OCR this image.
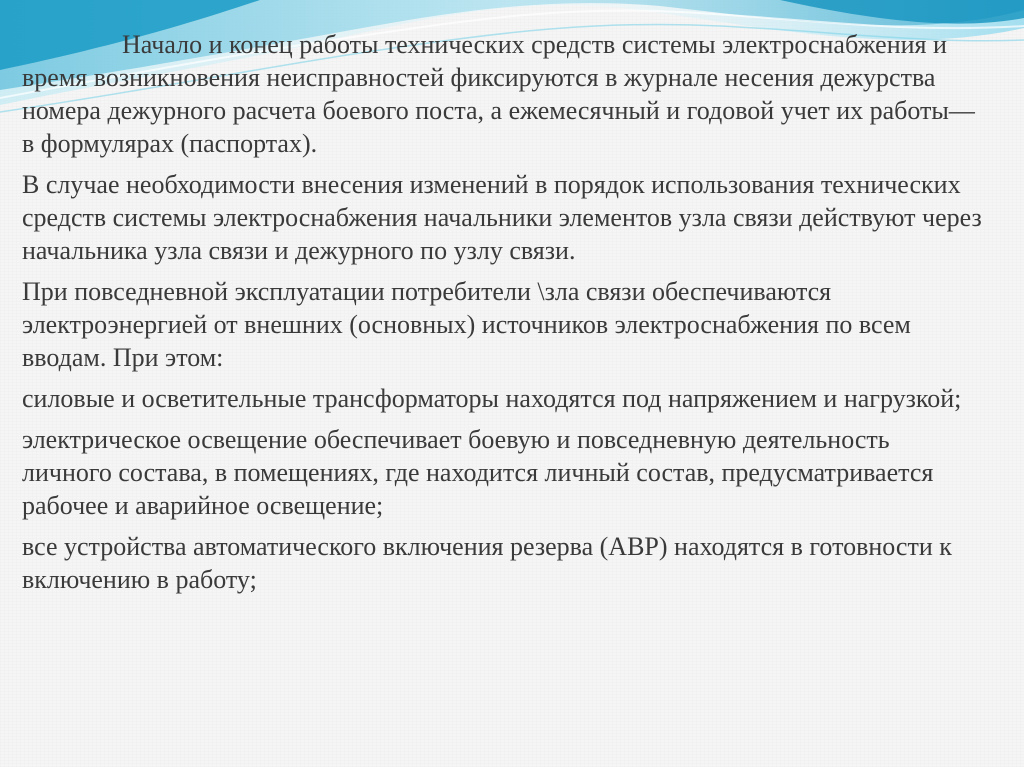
Начало и конец работы технических средств системы электроснабжения и время возникновения неисправностей фиксируются в журнале несения дежурства номера дежурного расчета боевого поста, а ежемесячный и годовой учет их работы—в формулярах (паспортах).

В случае необходимости внесения изменений в порядок использования технических средств системы электроснабжения начальники элементов узла связи действуют через начальника узла связи и дежурного по узлу связи.

При повседневной эксплуатации потребители \зла связи обеспечиваются электроэнергией от внешних (основных) источников электроснабжения по всем вводам. При этом:

силовые и осветительные трансформаторы находятся под напряжением и нагрузкой;

электрическое освещение обеспечивает боевую и повседневную деятельность личного состава, в помещениях, где находится личный состав, предусматривается рабочее и аварийное освещение;

все устройства автоматического включения резерва (АВР) находятся в готовности к включению в работу;
